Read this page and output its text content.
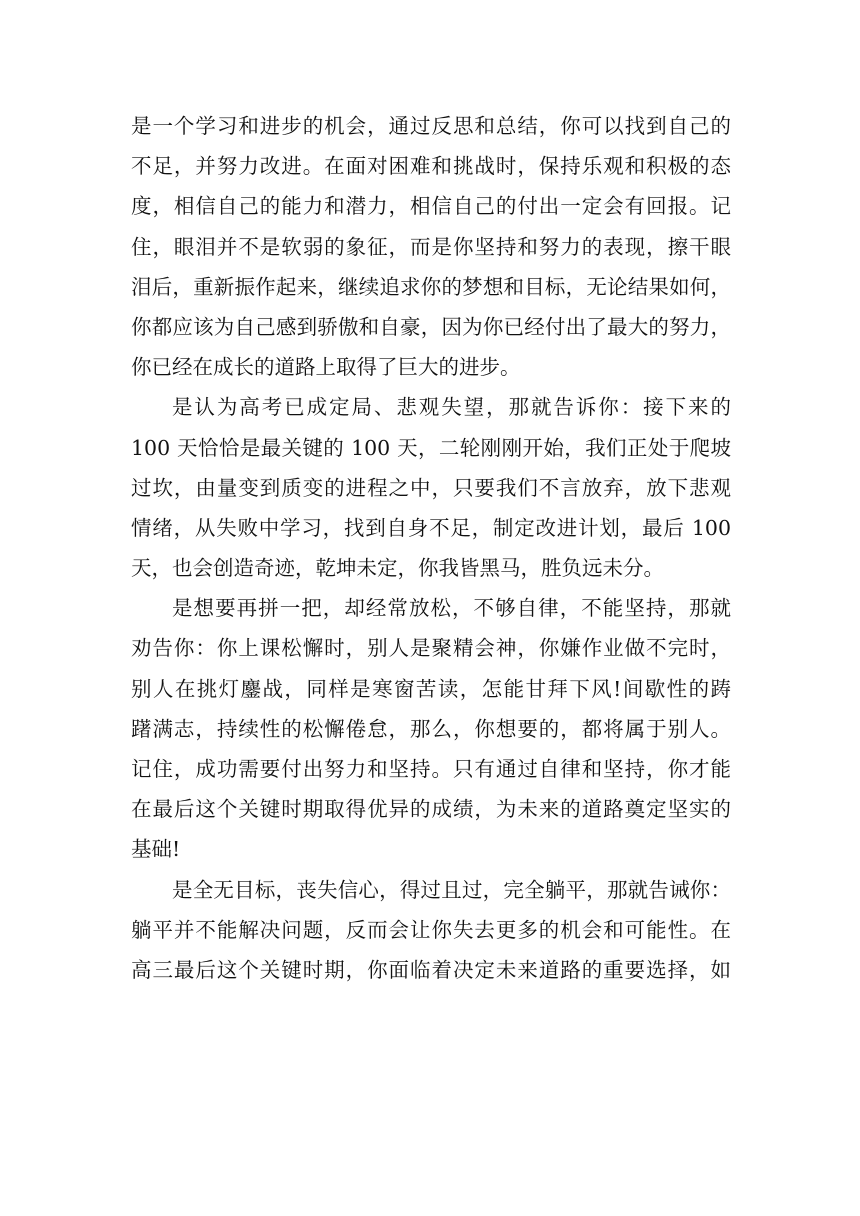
是一个学习和进步的机会，通过反思和总结，你可以找到自己的
不足，并努力改进。在面对困难和挑战时，保持乐观和积极的态
度，相信自己的能力和潜力，相信自己的付出一定会有回报。记
住，眼泪并不是软弱的象征，而是你坚持和努力的表现，擦干眼
泪后，重新振作起来，继续追求你的梦想和目标，无论结果如何，
你都应该为自己感到骄傲和自豪，因为你已经付出了最大的努力，
你已经在成长的道路上取得了巨大的进步。
是认为高考已成定局、悲观失望，那就告诉你：接下来的
100 天恰恰是最关键的 100 天，二轮刚刚开始，我们正处于爬坡
过坎，由量变到质变的进程之中，只要我们不言放弃，放下悲观
情绪，从失败中学习，找到自身不足，制定改进计划，最后 100
天，也会创造奇迹，乾坤未定，你我皆黑马，胜负远未分。
是想要再拼一把，却经常放松，不够自律，不能坚持，那就
劝告你：你上课松懈时，别人是聚精会神，你嫌作业做不完时，
别人在挑灯鏖战，同样是寒窗苦读，怎能甘拜下风!间歇性的踌
躇满志，持续性的松懈倦怠，那么，你想要的，都将属于别人。
记住，成功需要付出努力和坚持。只有通过自律和坚持，你才能
在最后这个关键时期取得优异的成绩，为未来的道路奠定坚实的
基础!
是全无目标，丧失信心，得过且过，完全躺平，那就告诫你：
躺平并不能解决问题，反而会让你失去更多的机会和可能性。在
高三最后这个关键时期，你面临着决定未来道路的重要选择，如
